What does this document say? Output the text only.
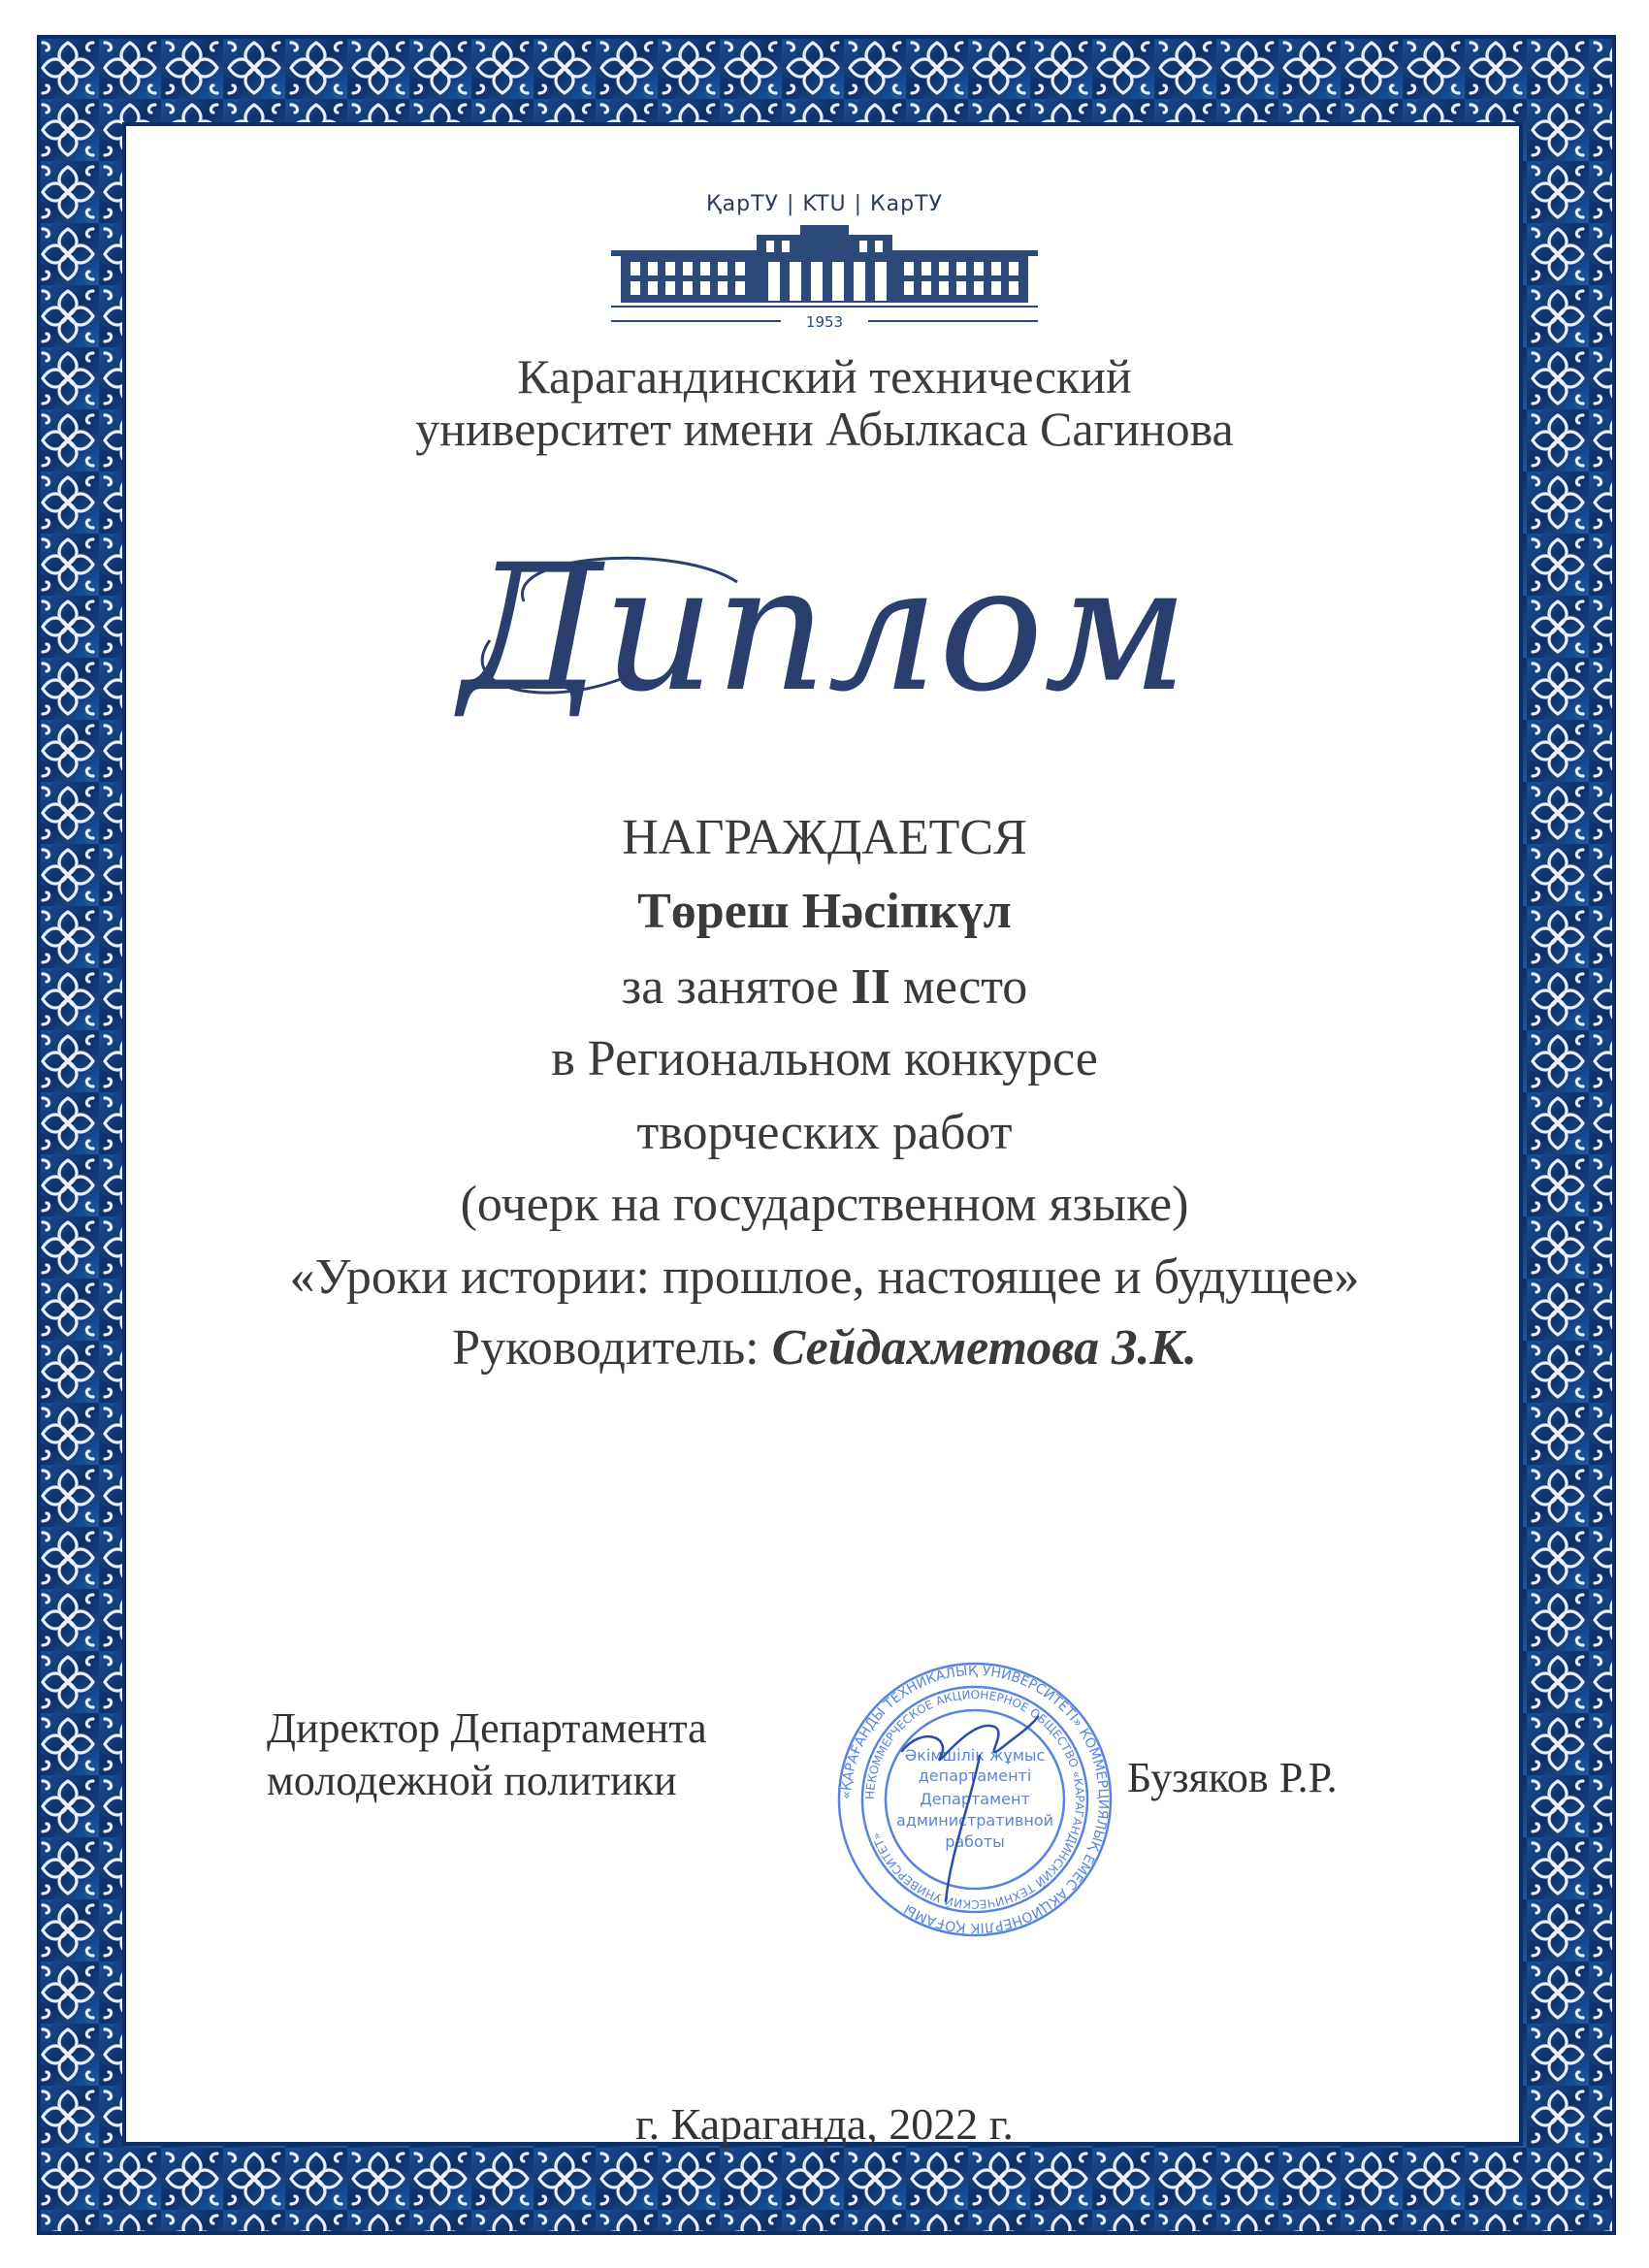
ҚарТУ | KTU | КарТУ
1953
Карагандинский технический
университет имени Абылкаса Сагинова
Диплом
НАГРАЖДАЕТСЯ
Төреш Нәсіпкүл
за занятое II место
в Региональном конкурсе
творческих работ
(очерк на государственном языке)
«Уроки истории: прошлое, настоящее и будущее»
Руководитель: Сейдахметова З.К.
Директор Департамента
молодежной политики	«ҚАРАҒАНДЫ ТЕХНИКАЛЫҚ УНИВЕРСИТЕТІ» КОММЕРЦИЯЛЫҚ ЕМЕС АКЦИОНЕРЛІК ҚОҒАМЫ
НЕКОММЕРЧЕСКОЕ АКЦИОНЕРНОЕ ОБЩЕСТВО «КАРАГАНДИНСКИЙ ТЕХНИЧЕСКИЙ УНИВЕРСИТЕТ»
Әкімшілік жұмыс
департаменті
Департамент
административной
работы
Бузяков Р.Р.
г. Караганда, 2022 г.
